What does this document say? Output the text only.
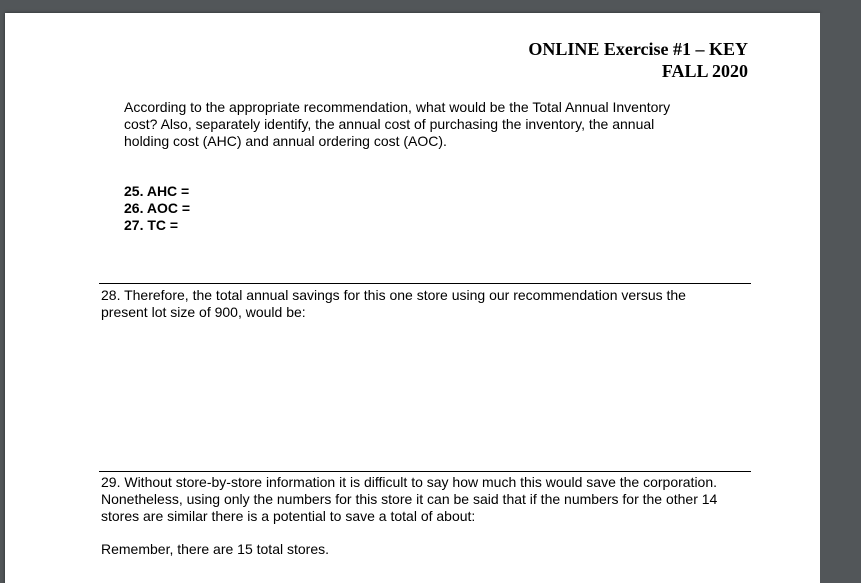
ONLINE Exercise #1 – KEY
FALL 2020
According to the appropriate recommendation, what would be the Total Annual Inventory
cost? Also, separately identify, the annual cost of purchasing the inventory, the annual
holding cost (AHC) and annual ordering cost (AOC).
25. AHC =
26. AOC =
27. TC =
28. Therefore, the total annual savings for this one store using our recommendation versus the
present lot size of 900, would be:
29. Without store-by-store information it is difficult to say how much this would save the corporation.
Nonetheless, using only the numbers for this store it can be said that if the numbers for the other 14
stores are similar there is a potential to save a total of about:
Remember, there are 15 total stores.
